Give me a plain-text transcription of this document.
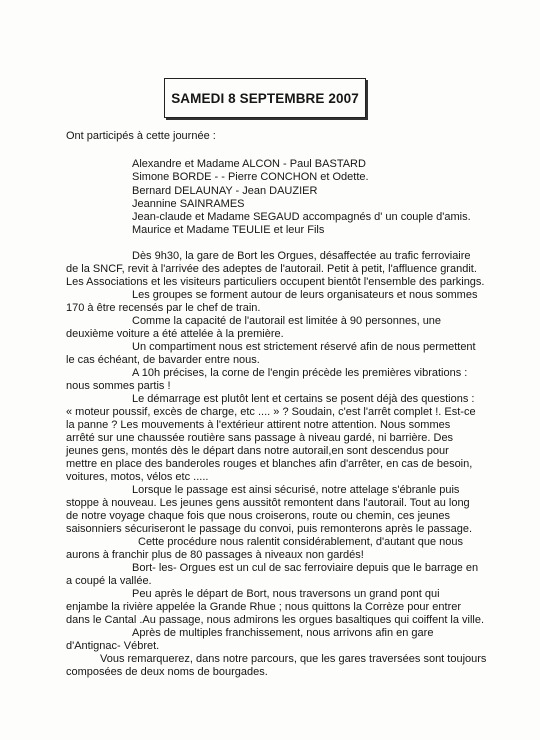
SAMEDI 8 SEPTEMBRE 2007
Ont participés à cette journée :
Alexandre et Madame ALCON - Paul BASTARD
Simone BORDE - - Pierre CONCHON et Odette.
Bernard DELAUNAY - Jean DAUZIER
Jeannine SAINRAMES
Jean-claude et Madame SEGAUD accompagnés d' un couple d'amis.
Maurice et Madame TEULIE et leur Fils
Dès 9h30, la gare de Bort les Orgues, désaffectée au trafic ferroviaire
de la SNCF, revit à l'arrivée des adeptes de l'autorail. Petit à petit, l'affluence grandit.
Les Associations et les visiteurs particuliers occupent bientôt l'ensemble des parkings.
Les groupes se forment autour de leurs organisateurs et nous sommes
170 à être recensés par le chef de train.
Comme la capacité de l'autorail est limitée à 90 personnes, une
deuxième voiture a été attelée à la première.
Un compartiment nous est strictement réservé afin de nous permettent
le cas échéant, de bavarder entre nous.
A 10h précises, la corne de l'engin précède les premières vibrations :
nous sommes partis !
Le démarrage est plutôt lent et certains se posent déjà des questions :
« moteur poussif, excès de charge, etc .... » ? Soudain, c'est l'arrêt complet !. Est-ce
la panne ? Les mouvements à l'extérieur attirent notre attention. Nous sommes
arrêté sur une chaussée routière sans passage à niveau gardé, ni barrière. Des
jeunes gens, montés dès le départ dans notre autorail,en sont descendus pour
mettre en place des banderoles rouges et blanches afin d'arrêter, en cas de besoin,
voitures, motos, vélos etc .....
Lorsque le passage est ainsi sécurisé, notre attelage s'ébranle puis
stoppe à nouveau. Les jeunes gens aussitôt remontent dans l'autorail. Tout au long
de notre voyage chaque fois que nous croiserons, route ou chemin, ces jeunes
saisonniers sécuriseront le passage du convoi, puis remonterons après le passage.
Cette procédure nous ralentit considérablement, d'autant que nous
aurons à franchir plus de 80 passages à niveaux non gardés!
Bort- les- Orgues est un cul de sac ferroviaire depuis que le barrage en
a coupé la vallée.
Peu après le départ de Bort, nous traversons un grand pont qui
enjambe la rivière appelée la Grande Rhue ; nous quittons la Corrèze pour entrer
dans le Cantal .Au passage, nous admirons les orgues basaltiques qui coiffent la ville.
Après de multiples franchissement, nous arrivons afin en gare
d'Antignac- Vébret.
Vous remarquerez, dans notre parcours, que les gares traversées sont toujours
composées de deux noms de bourgades.
